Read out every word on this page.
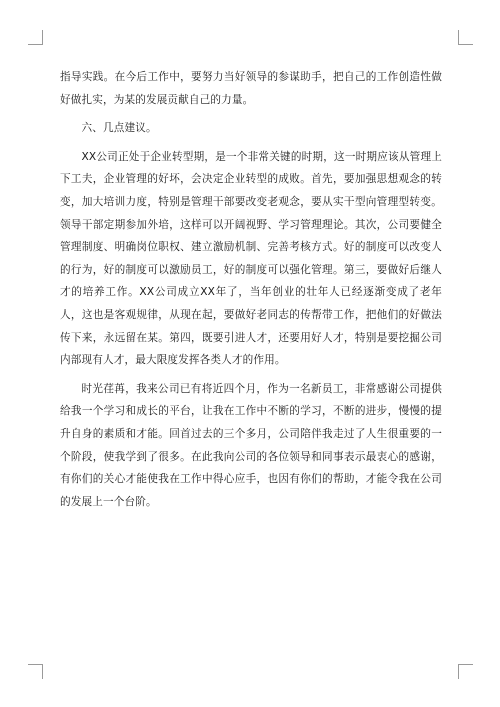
指导实践。在今后工作中，要努力当好领导的参谋助手，把自己的工作创造性做好做扎实，为某的发展贡献自己的力量。

六、几点建议。

XX公司正处于企业转型期，是一个非常关键的时期，这一时期应该从管理上下工夫，企业管理的好坏，会决定企业转型的成败。首先，要加强思想观念的转变，加大培训力度，特别是管理干部要改变老观念，要从实干型向管理型转变。领导干部定期参加外培，这样可以开阔视野、学习管理理论。其次，公司要健全管理制度、明确岗位职权、建立激励机制、完善考核方式。好的制度可以改变人的行为，好的制度可以激励员工，好的制度可以强化管理。第三，要做好后继人才的培养工作。XX公司成立XX年了，当年创业的壮年人已经逐渐变成了老年人，这也是客观规律，从现在起，要做好老同志的传帮带工作，把他们的好做法传下来，永远留在某。第四，既要引进人才，还要用好人才，特别是要挖掘公司内部现有人才，最大限度发挥各类人才的作用。

时光荏苒，我来公司已有将近四个月，作为一名新员工，非常感谢公司提供给我一个学习和成长的平台，让我在工作中不断的学习，不断的进步，慢慢的提升自身的素质和才能。回首过去的三个多月，公司陪伴我走过了人生很重要的一个阶段，使我学到了很多。在此我向公司的各位领导和同事表示最衷心的感谢，有你们的关心才能使我在工作中得心应手，也因有你们的帮助，才能令我在公司的发展上一个台阶。
